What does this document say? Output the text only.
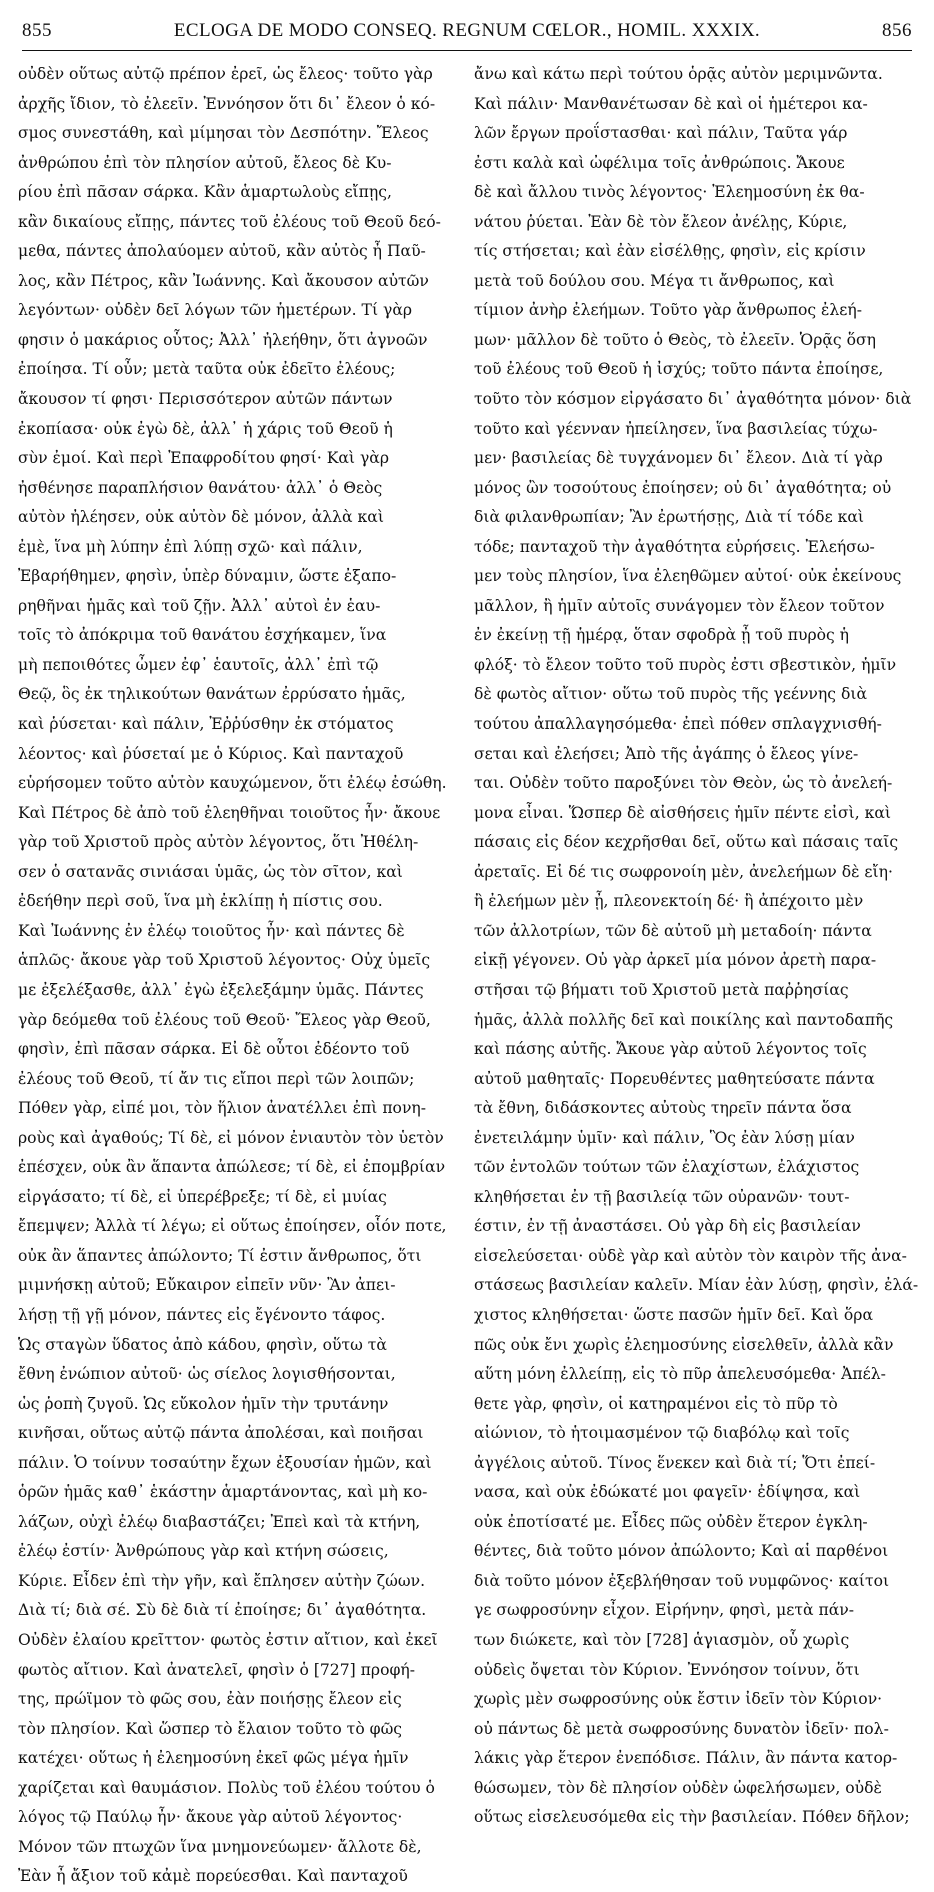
855	ECLOGA DE MODO CONSEQ. REGNUM CŒLOR., HOMIL. XXXIX.	856
οὐδὲν οὕτως αὐτῷ πρέπον ἐρεῖ, ὡς ἔλεος· τοῦτο γὰρ
ἀρχῆς ἴδιον, τὸ ἐλεεῖν. Ἐννόησον ὅτι δι᾽ ἔλεον ὁ κό-
σμος συνεστάθη, καὶ μίμησαι τὸν Δεσπότην. Ἔλεος
ἀνθρώπου ἐπὶ τὸν πλησίον αὐτοῦ, ἔλεος δὲ Κυ-
ρίου ἐπὶ πᾶσαν σάρκα. Κἂν ἁμαρτωλοὺς εἴπῃς,
κἂν δικαίους εἴπῃς, πάντες τοῦ ἐλέους τοῦ Θεοῦ δεό-
μεθα, πάντες ἀπολαύομεν αὐτοῦ, κἂν αὐτὸς ἦ Παῦ-
λος, κἂν Πέτρος, κἂν Ἰωάννης. Καὶ ἄκουσον αὐτῶν
λεγόντων· οὐδὲν δεῖ λόγων τῶν ἡμετέρων. Τί γὰρ
φησιν ὁ μακάριος οὗτος; Ἀλλ᾽ ἠλεήθην, ὅτι ἀγνοῶν
ἐποίησα. Τί οὖν; μετὰ ταῦτα οὐκ ἐδεῖτο ἐλέους;
ἄκουσον τί φησι· Περισσότερον αὐτῶν πάντων
ἐκοπίασα· οὐκ ἐγὼ δὲ, ἀλλ᾽ ἡ χάρις τοῦ Θεοῦ ἡ
σὺν ἐμοί. Καὶ περὶ Ἐπαφροδίτου φησί· Καὶ γὰρ
ἠσθένησε παραπλήσιον θανάτου· ἀλλ᾽ ὁ Θεὸς
αὐτὸν ἠλέησεν, οὐκ αὐτὸν δὲ μόνον, ἀλλὰ καὶ
ἐμὲ, ἵνα μὴ λύπην ἐπὶ λύπῃ σχῶ· καὶ πάλιν,
Ἐβαρήθημεν, φησὶν, ὑπὲρ δύναμιν, ὥστε ἐξαπο-
ρηθῆναι ἡμᾶς καὶ τοῦ ζῇν. Ἀλλ᾽ αὐτοὶ ἐν ἑαυ-
τοῖς τὸ ἀπόκριμα τοῦ θανάτου ἐσχήκαμεν, ἵνα
μὴ πεποιθότες ὦμεν ἐφ᾽ ἑαυτοῖς, ἀλλ᾽ ἐπὶ τῷ
Θεῷ, ὃς ἐκ τηλικούτων θανάτων ἐρρύσατο ἡμᾶς,
καὶ ῥύσεται· καὶ πάλιν, Ἐῤῥύσθην ἐκ στόματος
λέοντος· καὶ ῥύσεταί με ὁ Κύριος. Καὶ πανταχοῦ
εὑρήσομεν τοῦτο αὐτὸν καυχώμενον, ὅτι ἐλέῳ ἐσώθη.
Καὶ Πέτρος δὲ ἀπὸ τοῦ ἐλεηθῆναι τοιοῦτος ἦν· ἄκουε
γὰρ τοῦ Χριστοῦ πρὸς αὐτὸν λέγοντος, ὅτι Ἠθέλη-
σεν ὁ σατανᾶς σινιάσαι ὑμᾶς, ὡς τὸν σῖτον, καὶ
ἐδεήθην περὶ σοῦ, ἵνα μὴ ἐκλίπῃ ἡ πίστις σου.
Καὶ Ἰωάννης ἐν ἐλέῳ τοιοῦτος ἦν· καὶ πάντες δὲ
ἁπλῶς· ἄκουε γὰρ τοῦ Χριστοῦ λέγοντος· Οὐχ ὑμεῖς
με ἐξελέξασθε, ἀλλ᾽ ἐγὼ ἐξελεξάμην ὑμᾶς. Πάντες
γὰρ δεόμεθα τοῦ ἐλέους τοῦ Θεοῦ· Ἔλεος γὰρ Θεοῦ,
φησὶν, ἐπὶ πᾶσαν σάρκα. Εἰ δὲ οὗτοι ἐδέοντο τοῦ
ἐλέους τοῦ Θεοῦ, τί ἄν τις εἴποι περὶ τῶν λοιπῶν;
Πόθεν γὰρ, εἰπέ μοι, τὸν ἥλιον ἀνατέλλει ἐπὶ πονη-
ροὺς καὶ ἀγαθούς; Τί δὲ, εἰ μόνον ἐνιαυτὸν τὸν ὑετὸν
ἐπέσχεν, οὐκ ἂν ἅπαντα ἀπώλεσε; τί δὲ, εἰ ἐπομβρίαν
εἰργάσατο; τί δὲ, εἰ ὑπερέβρεξε; τί δὲ, εἰ μυίας
ἔπεμψεν; Ἀλλὰ τί λέγω; εἰ οὕτως ἐποίησεν, οἷόν ποτε,
οὐκ ἂν ἅπαντες ἀπώλοντο; Τί ἐστιν ἄνθρωπος, ὅτι
μιμνήσκῃ αὐτοῦ; Εὔκαιρον εἰπεῖν νῦν· Ἂν ἀπει-
λήσῃ τῇ γῇ μόνον, πάντες εἰς ἔγένοντο τάφος.
Ὡς σταγὼν ὕδατος ἀπὸ κάδου, φησὶν, οὕτω τὰ
ἔθνη ἐνώπιον αὐτοῦ· ὡς σίελος λογισθήσονται,
ὡς ῥοπὴ ζυγοῦ. Ὡς εὔκολον ἡμῖν τὴν τρυτάνην
κινῆσαι, οὕτως αὐτῷ πάντα ἀπολέσαι, καὶ ποιῆσαι
πάλιν. Ὁ τοίνυν τοσαύτην ἔχων ἐξουσίαν ἡμῶν, καὶ
ὁρῶν ἡμᾶς καθ᾽ ἑκάστην ἁμαρτάνοντας, καὶ μὴ κο-
λάζων, οὐχὶ ἐλέῳ διαβαστάζει; Ἐπεὶ καὶ τὰ κτήνη,
ἐλέῳ ἐστίν· Ἀνθρώπους γὰρ καὶ κτήνη σώσεις,
Κύριε. Εἶδεν ἐπὶ τὴν γῆν, καὶ ἔπλησεν αὐτὴν ζώων.
Διὰ τί; διὰ σέ. Σὺ δὲ διὰ τί ἐποίησε; δι᾽ ἀγαθότητα.
Οὐδὲν ἐλαίου κρεῖττον· φωτὸς ἐστιν αἴτιον, καὶ ἐκεῖ
φωτὸς αἴτιον. Καὶ ἀνατελεῖ, φησὶν ὁ [727] προφή-
της, πρώϊμον τὸ φῶς σου, ἐὰν ποιήσῃς ἔλεον εἰς
τὸν πλησίον. Καὶ ὥσπερ τὸ ἔλαιον τοῦτο τὸ φῶς
κατέχει· οὕτως ἡ ἐλεημοσύνη ἐκεῖ φῶς μέγα ἡμῖν
χαρίζεται καὶ θαυμάσιον. Πολὺς τοῦ ἐλέου τούτου ὁ
λόγος τῷ Παύλῳ ἦν· ἄκουε γὰρ αὐτοῦ λέγοντος·
Μόνον τῶν πτωχῶν ἵνα μνημονεύωμεν· ἄλλοτε δὲ,
Ἐὰν ἦ ἄξιον τοῦ κἀμὲ πορεύεσθαι. Καὶ πανταχοῦ
ἄνω καὶ κάτω περὶ τούτου ὁρᾷς αὐτὸν μεριμνῶντα.
Καὶ πάλιν· Μανθανέτωσαν δὲ καὶ οἱ ἡμέτεροι κα-
λῶν ἔργων προΐστασθαι· καὶ πάλιν, Ταῦτα γάρ
ἐστι καλὰ καὶ ὠφέλιμα τοῖς ἀνθρώποις. Ἄκουε
δὲ καὶ ἄλλου τινὸς λέγοντος· Ἐλεημοσύνη ἐκ θα-
νάτου ῥύεται. Ἐὰν δὲ τὸν ἔλεον ἀνέλῃς, Κύριε,
τίς στήσεται; καὶ ἐὰν εἰσέλθῃς, φησὶν, εἰς κρίσιν
μετὰ τοῦ δούλου σου. Μέγα τι ἄνθρωπος, καὶ
τίμιον ἀνὴρ ἐλεήμων. Τοῦτο γὰρ ἄνθρωπος ἐλεή-
μων· μᾶλλον δὲ τοῦτο ὁ Θεὸς, τὸ ἐλεεῖν. Ὁρᾷς ὅση
τοῦ ἐλέους τοῦ Θεοῦ ἡ ἰσχύς; τοῦτο πάντα ἐποίησε,
τοῦτο τὸν κόσμον εἰργάσατο δι᾽ ἀγαθότητα μόνον· διὰ
τοῦτο καὶ γέενναν ἠπείλησεν, ἵνα βασιλείας τύχω-
μεν· βασιλείας δὲ τυγχάνομεν δι᾽ ἔλεον. Διὰ τί γὰρ
μόνος ὢν τοσούτους ἐποίησεν; οὐ δι᾽ ἀγαθότητα; οὐ
διὰ φιλανθρωπίαν; Ἂν ἐρωτήσῃς, Διὰ τί τόδε καὶ
τόδε; πανταχοῦ τὴν ἀγαθότητα εὑρήσεις. Ἐλεήσω-
μεν τοὺς πλησίον, ἵνα ἐλεηθῶμεν αὐτοί· οὐκ ἐκείνους
μᾶλλον, ἢ ἡμῖν αὐτοῖς συνάγομεν τὸν ἔλεον τοῦτον
ἐν ἐκείνῃ τῇ ἡμέρᾳ, ὅταν σφοδρὰ ᾖ τοῦ πυρὸς ἡ
φλόξ· τὸ ἔλεον τοῦτο τοῦ πυρὸς ἐστι σβεστικὸν, ἡμῖν
δὲ φωτὸς αἴτιον· οὕτω τοῦ πυρὸς τῆς γεέννης διὰ
τούτου ἀπαλλαγησόμεθα· ἐπεὶ πόθεν σπλαγχνισθή-
σεται καὶ ἐλεήσει; Ἀπὸ τῆς ἀγάπης ὁ ἔλεος γίνε-
ται. Οὐδὲν τοῦτο παροξύνει τὸν Θεὸν, ὡς τὸ ἀνελεή-
μονα εἶναι. Ὥσπερ δὲ αἰσθήσεις ἡμῖν πέντε εἰσὶ, καὶ
πάσαις εἰς δέον κεχρῆσθαι δεῖ, οὕτω καὶ πάσαις ταῖς
ἀρεταῖς. Εἰ δέ τις σωφρονοίη μὲν, ἀνελεήμων δὲ εἴη·
ἢ ἐλεήμων μὲν ᾖ, πλεονεκτοίη δέ· ἢ ἀπέχοιτο μὲν
τῶν ἀλλοτρίων, τῶν δὲ αὐτοῦ μὴ μεταδοίη· πάντα
εἰκῇ γέγονεν. Οὐ γὰρ ἀρκεῖ μία μόνον ἀρετὴ παρα-
στῆσαι τῷ βήματι τοῦ Χριστοῦ μετὰ παῤῥησίας
ἡμᾶς, ἀλλὰ πολλῆς δεῖ καὶ ποικίλης καὶ παντοδαπῆς
καὶ πάσης αὐτῆς. Ἄκουε γὰρ αὐτοῦ λέγοντος τοῖς
αὐτοῦ μαθηταῖς· Πορευθέντες μαθητεύσατε πάντα
τὰ ἔθνη, διδάσκοντες αὐτοὺς τηρεῖν πάντα ὅσα
ἐνετειλάμην ὑμῖν· καὶ πάλιν, Ὃς ἐὰν λύσῃ μίαν
τῶν ἐντολῶν τούτων τῶν ἐλαχίστων, ἐλάχιστος
κληθήσεται ἐν τῇ βασιλείᾳ τῶν οὐρανῶν· τουτ-
έστιν, ἐν τῇ ἀναστάσει. Οὐ γὰρ δὴ εἰς βασιλείαν
εἰσελεύσεται· οὐδὲ γὰρ καὶ αὐτὸν τὸν καιρὸν τῆς ἀνα-
στάσεως βασιλείαν καλεῖν. Μίαν ἐὰν λύσῃ, φησὶν, ἐλά-
χιστος κληθήσεται· ὥστε πασῶν ἡμῖν δεῖ. Καὶ ὅρα
πῶς οὐκ ἔνι χωρὶς ἐλεημοσύνης εἰσελθεῖν, ἀλλὰ κἂν
αὕτη μόνη ἐλλείπῃ, εἰς τὸ πῦρ ἀπελευσόμεθα· Ἀπέλ-
θετε γὰρ, φησὶν, οἱ κατηραμένοι εἰς τὸ πῦρ τὸ
αἰώνιον, τὸ ἡτοιμασμένον τῷ διαβόλῳ καὶ τοῖς
ἀγγέλοις αὐτοῦ. Τίνος ἕνεκεν καὶ διὰ τί; Ὅτι ἐπεί-
νασα, καὶ οὐκ ἐδώκατέ μοι φαγεῖν· ἐδίψησα, καὶ
οὐκ ἐποτίσατέ με. Εἶδες πῶς οὐδὲν ἕτερον ἐγκλη-
θέντες, διὰ τοῦτο μόνον ἀπώλοντο; Καὶ αἱ παρθένοι
διὰ τοῦτο μόνον ἐξεβλήθησαν τοῦ νυμφῶνος· καίτοι
γε σωφροσύνην εἶχον. Εἰρήνην, φησὶ, μετὰ πάν-
των διώκετε, καὶ τὸν [728] ἁγιασμὸν, οὗ χωρὶς
οὐδεὶς ὄψεται τὸν Κύριον. Ἐννόησον τοίνυν, ὅτι
χωρὶς μὲν σωφροσύνης οὐκ ἔστιν ἰδεῖν τὸν Κύριον·
οὐ πάντως δὲ μετὰ σωφροσύνης δυνατὸν ἰδεῖν· πολ-
λάκις γὰρ ἕτερον ἐνεπόδισε. Πάλιν, ἂν πάντα κατορ-
θώσωμεν, τὸν δὲ πλησίον οὐδὲν ὠφελήσωμεν, οὐδὲ
οὕτως εἰσελευσόμεθα εἰς τὴν βασιλείαν. Πόθεν δῆλον;
